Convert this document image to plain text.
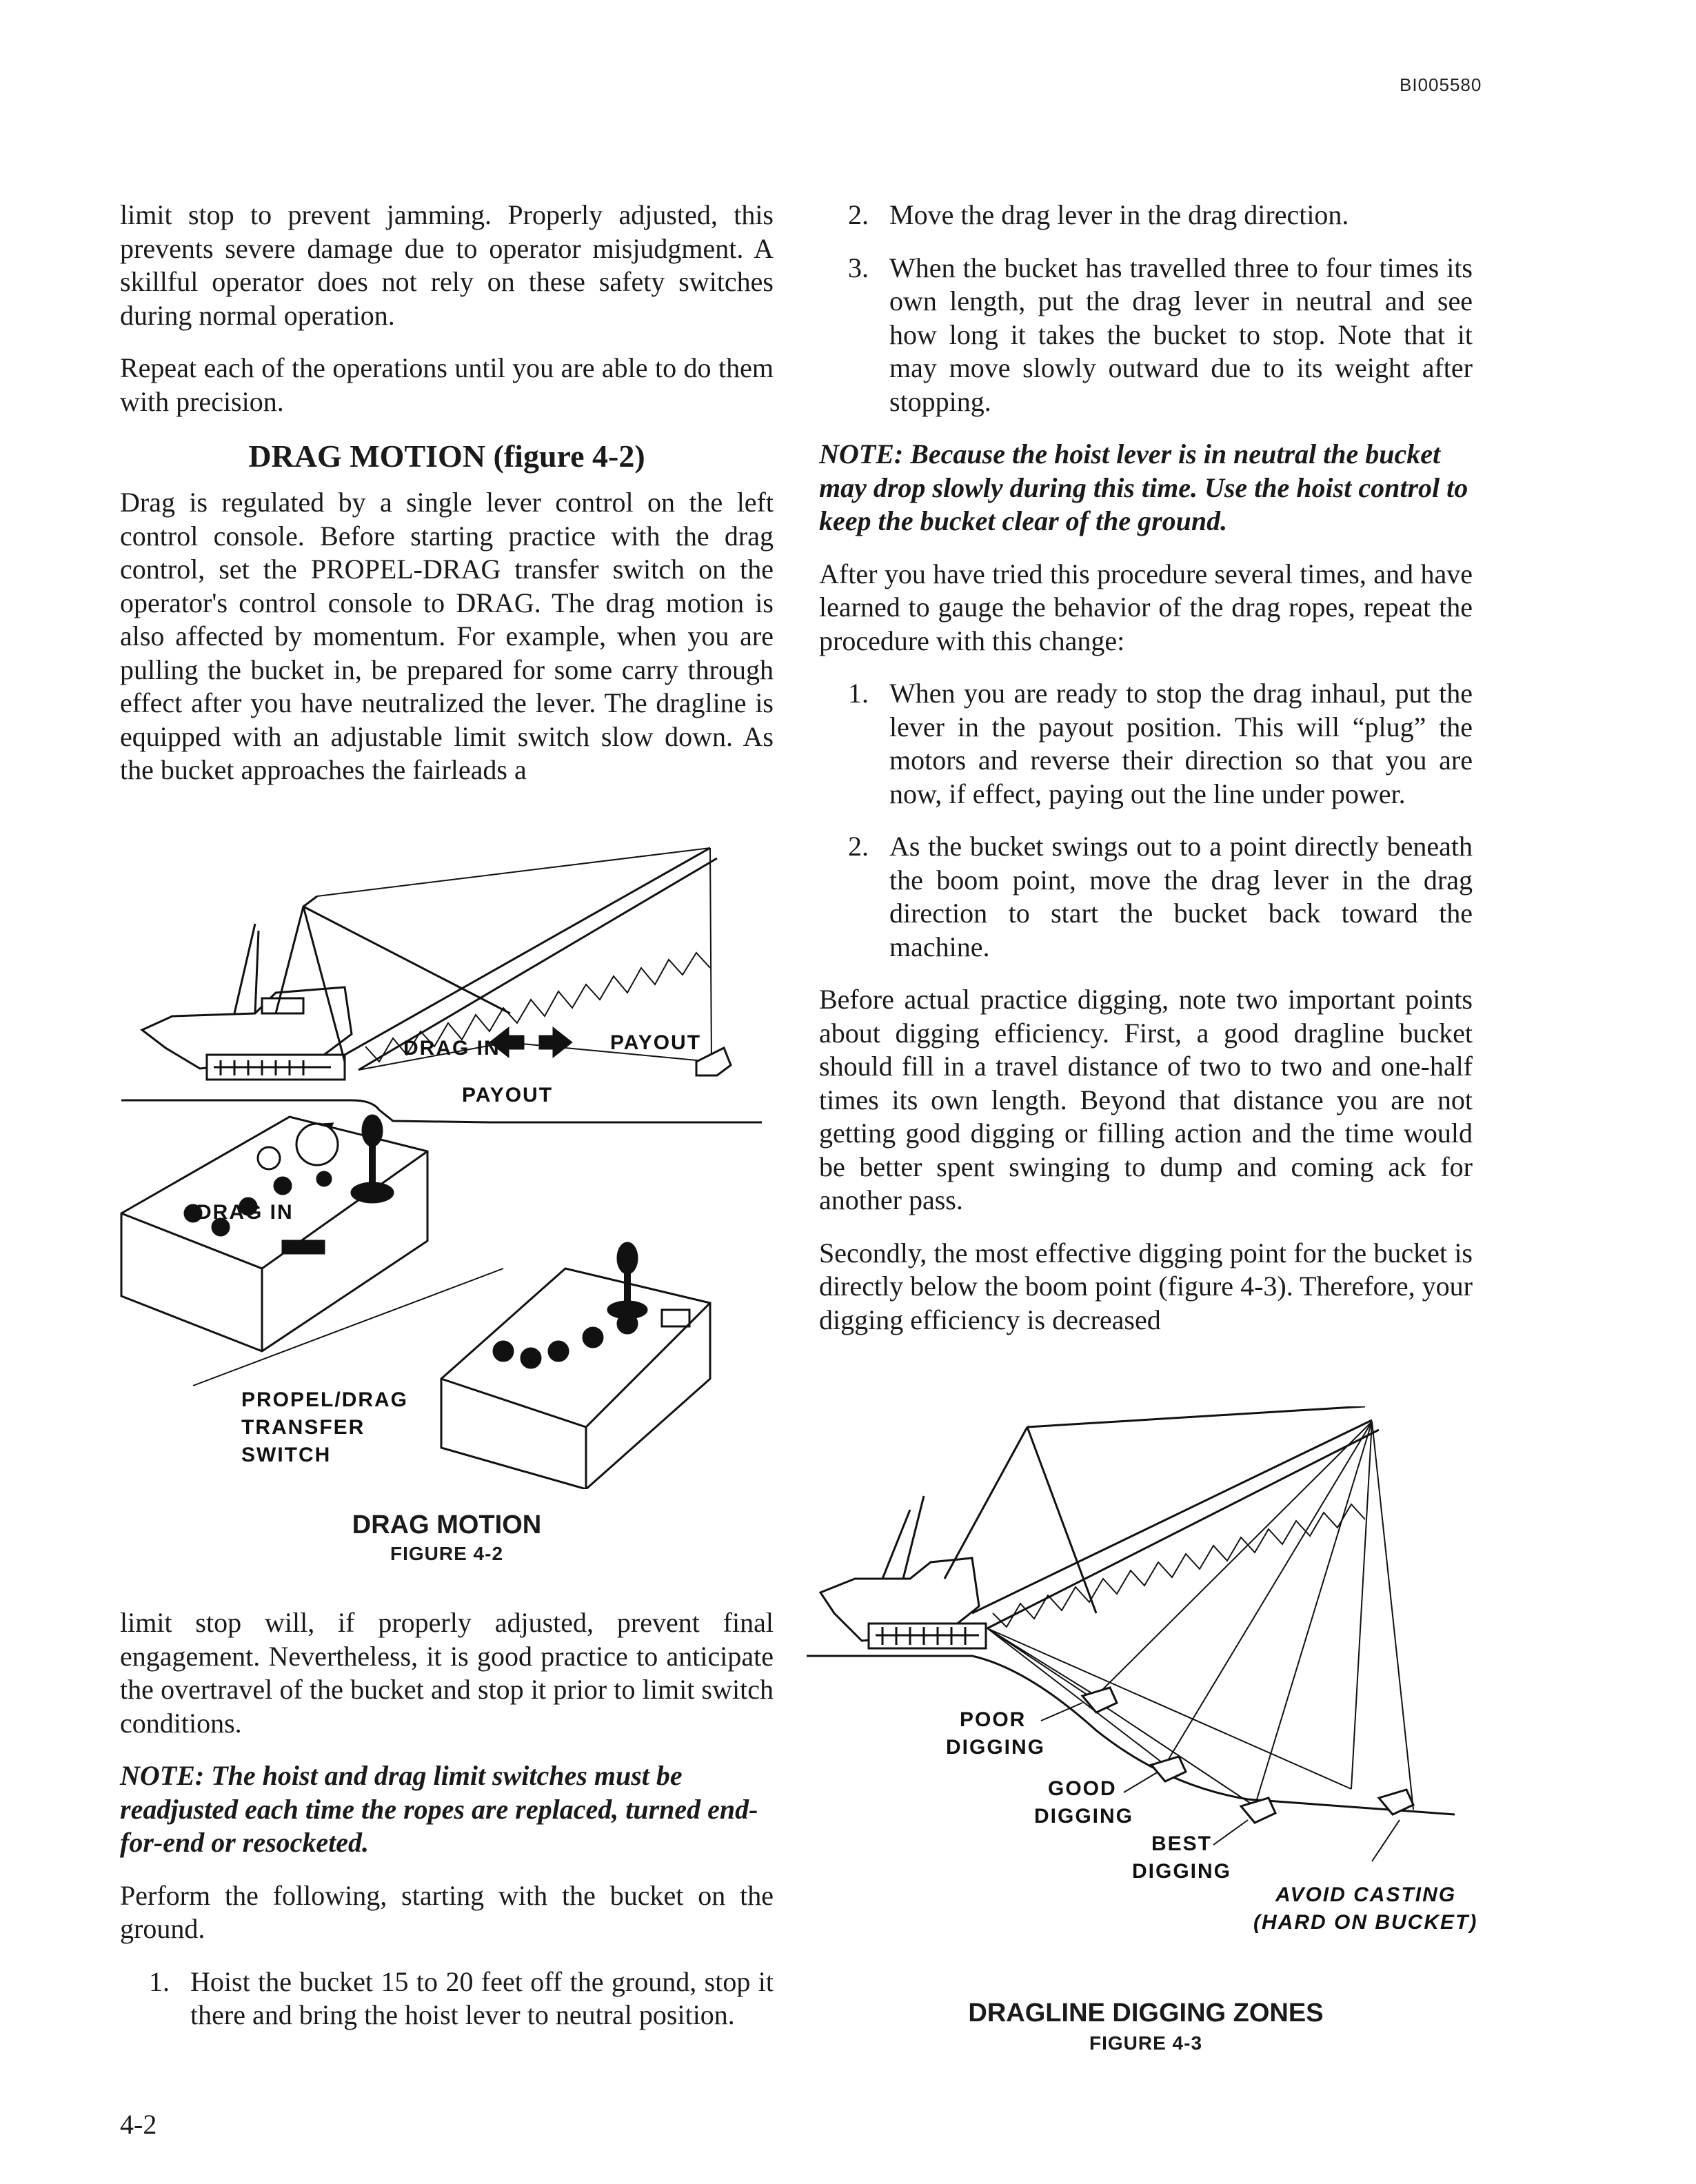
BI005580

limit stop to prevent jamming. Properly adjusted, this prevents severe damage due to operator misjudgment. A skillful operator does not rely on these safety switches during normal operation.

Repeat each of the operations until you are able to do them with precision.

DRAG MOTION (figure 4-2)

Drag is regulated by a single lever control on the left control console. Before starting practice with the drag control, set the PROPEL-DRAG transfer switch on the operator's control console to DRAG. The drag motion is also affected by momentum. For example, when you are pulling the bucket in, be prepared for some carry through effect after you have neutralized the lever. The dragline is equipped with an adjustable limit switch slow down. As the bucket approaches the fairleads a

DRAG IN	PAYOUT
PAYOUT
DRAG IN
PROPEL/DRAG
TRANSFER
SWITCH
DRAG MOTION
FIGURE 4-2

limit stop will, if properly adjusted, prevent final engagement. Nevertheless, it is good practice to anticipate the overtravel of the bucket and stop it prior to limit switch conditions.

NOTE: The hoist and drag limit switches must be readjusted each time the ropes are replaced, turned end-for-end or resocketed.

Perform the following, starting with the bucket on the ground.

1. Hoist the bucket 15 to 20 feet off the ground, stop it there and bring the hoist lever to neutral position.
2. Move the drag lever in the drag direction.
3. When the bucket has travelled three to four times its own length, put the drag lever in neutral and see how long it takes the bucket to stop. Note that it may move slowly outward due to its weight after stopping.

NOTE: Because the hoist lever is in neutral the bucket may drop slowly during this time. Use the hoist control to keep the bucket clear of the ground.

After you have tried this procedure several times, and have learned to gauge the behavior of the drag ropes, repeat the procedure with this change:

1. When you are ready to stop the drag inhaul, put the lever in the payout position. This will “plug” the motors and reverse their direction so that you are now, if effect, paying out the line under power.
2. As the bucket swings out to a point directly beneath the boom point, move the drag lever in the drag direction to start the bucket back toward the machine.

Before actual practice digging, note two important points about digging efficiency. First, a good dragline bucket should fill in a travel distance of two to two and one-half times its own length. Beyond that distance you are not getting good digging or filling action and the time would be better spent swinging to dump and coming ack for another pass.

Secondly, the most effective digging point for the bucket is directly below the boom point (figure 4-3). Therefore, your digging efficiency is decreased

POOR
DIGGING
GOOD
DIGGING
BEST
DIGGING
AVOID CASTING
(HARD ON BUCKET)
DRAGLINE DIGGING ZONES
FIGURE 4-3
4-2
